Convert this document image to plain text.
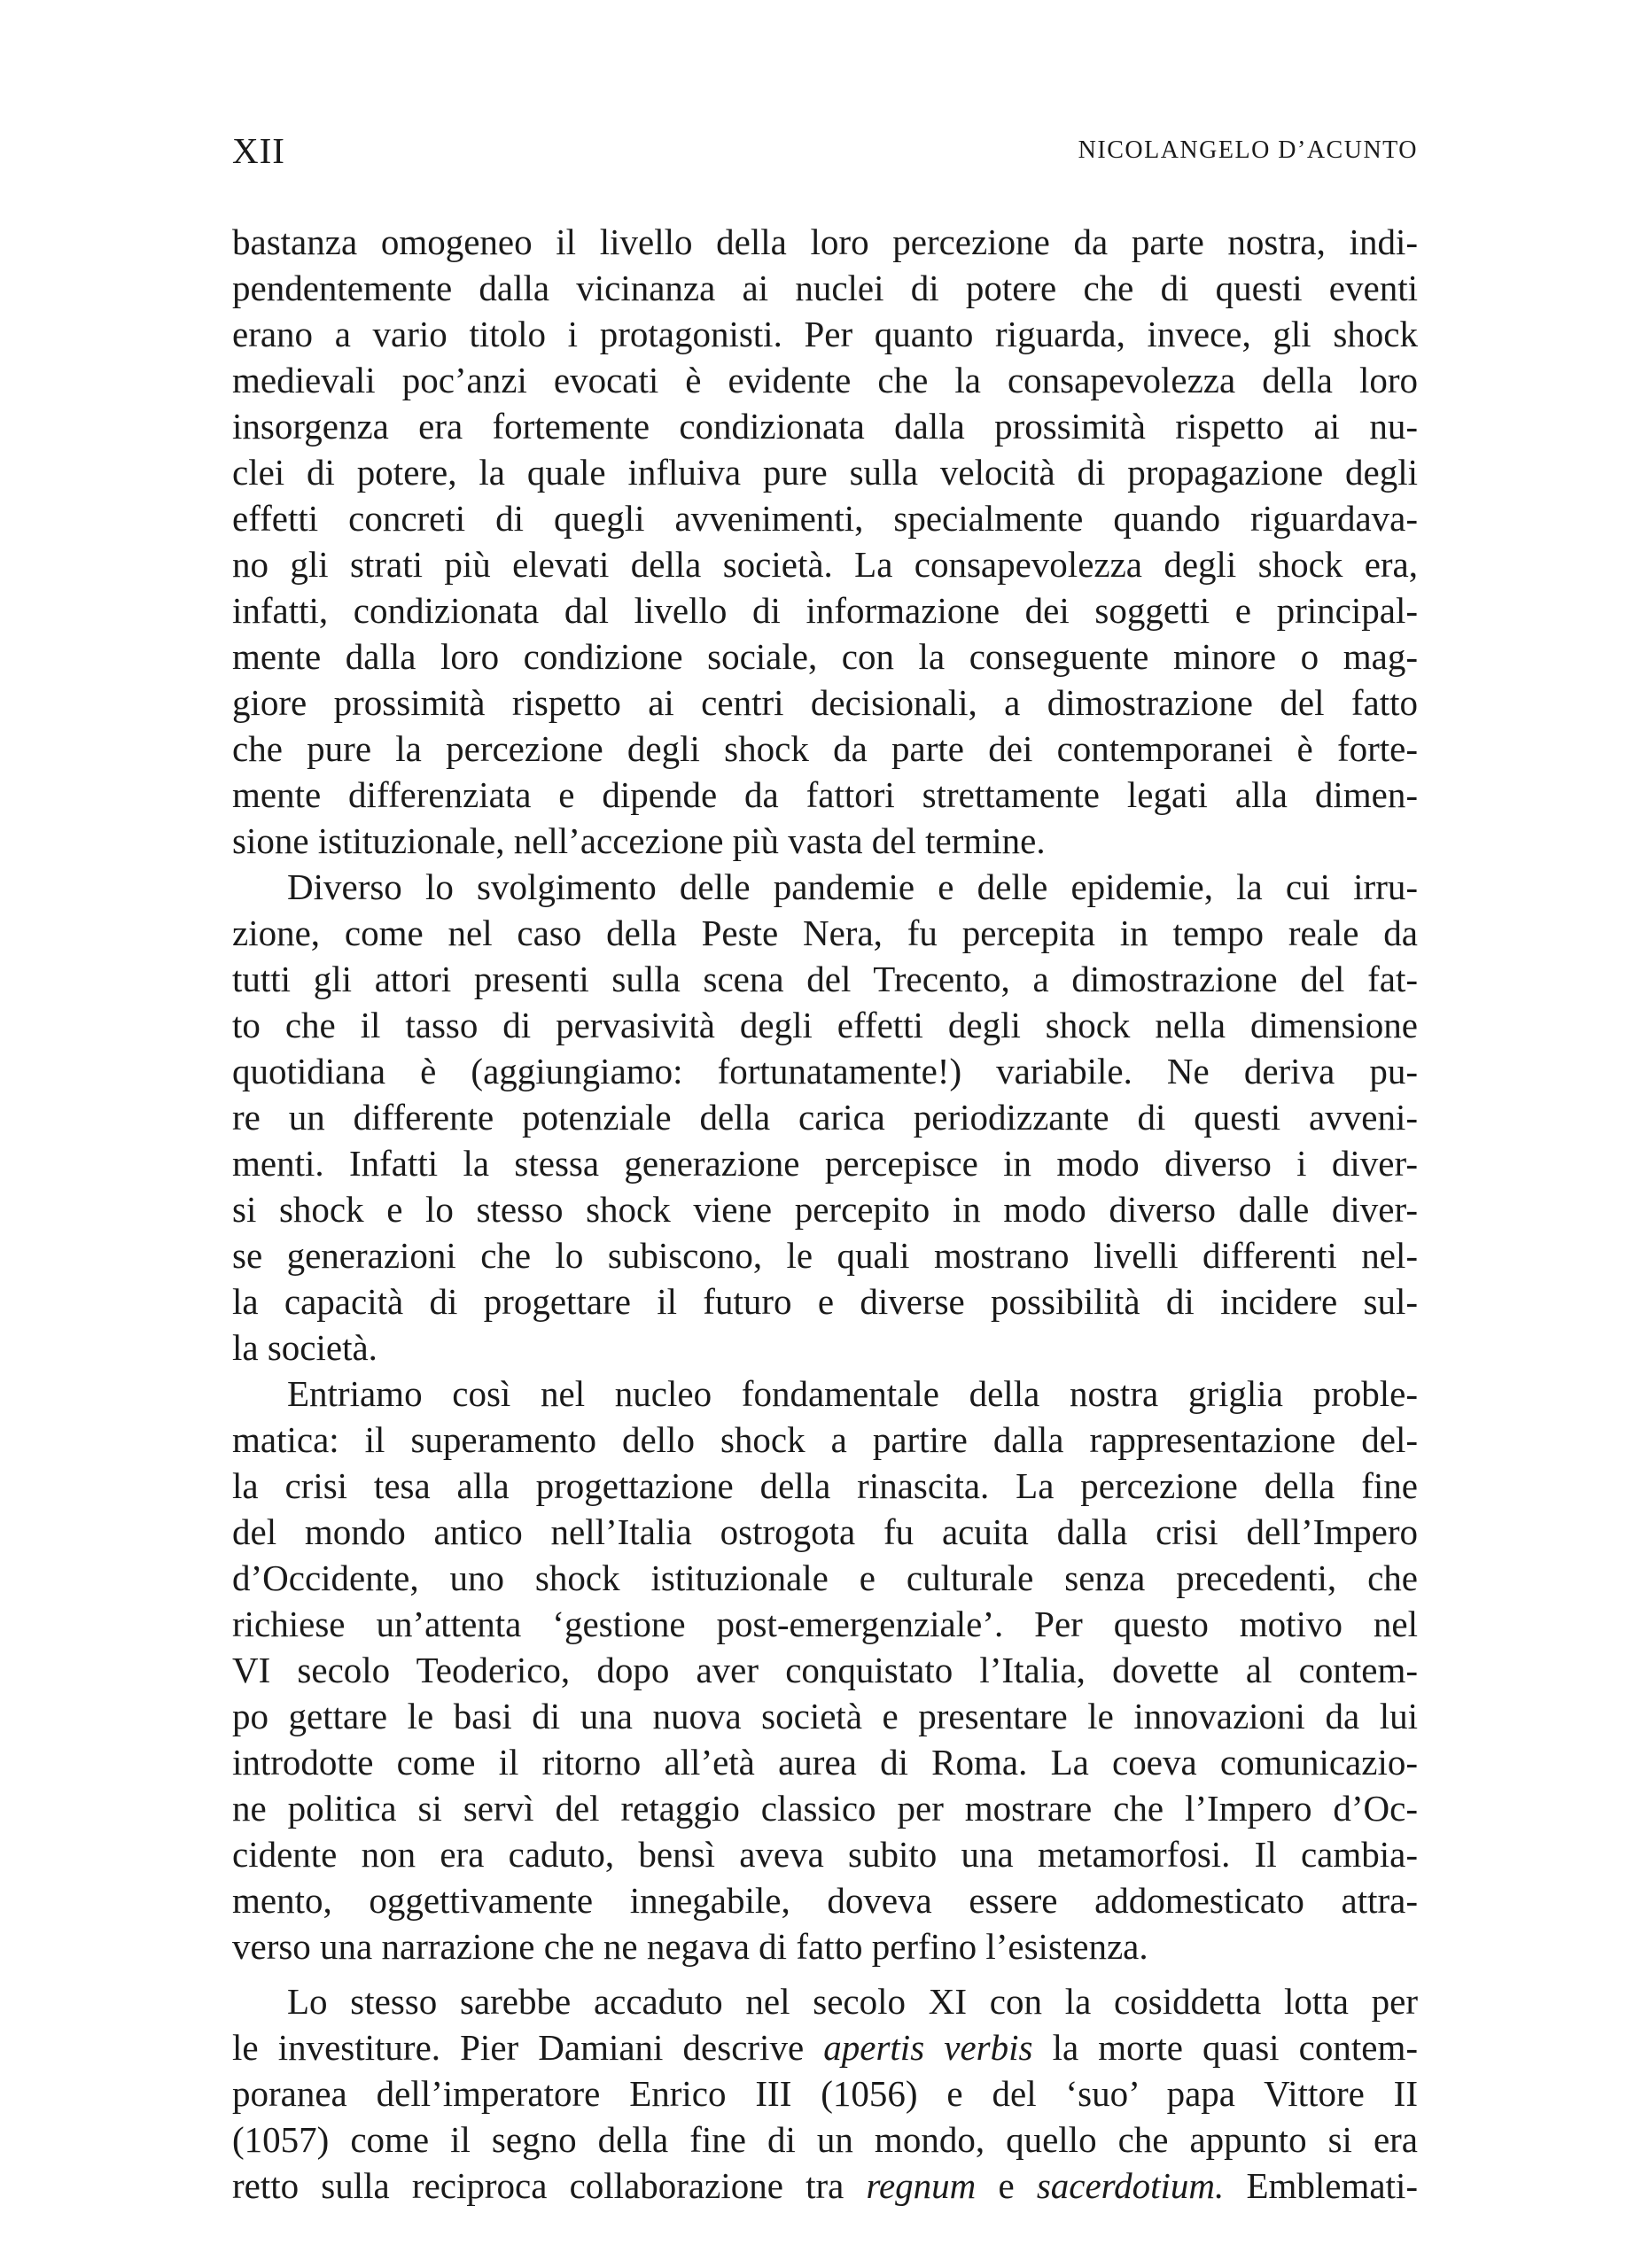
XII	NICOLANGELO D’ACUNTO
bastanza omogeneo il livello della loro percezione da parte nostra, indi-
pendentemente dalla vicinanza ai nuclei di potere che di questi eventi
erano a vario titolo i protagonisti. Per quanto riguarda, invece, gli shock
medievali poc’anzi evocati è evidente che la consapevolezza della loro
insorgenza era fortemente condizionata dalla prossimità rispetto ai nu-
clei di potere, la quale influiva pure sulla velocità di propagazione degli
effetti concreti di quegli avvenimenti, specialmente quando riguardava-
no gli strati più elevati della società. La consapevolezza degli shock era,
infatti, condizionata dal livello di informazione dei soggetti e principal-
mente dalla loro condizione sociale, con la conseguente minore o mag-
giore prossimità rispetto ai centri decisionali, a dimostrazione del fatto
che pure la percezione degli shock da parte dei contemporanei è forte-
mente differenziata e dipende da fattori strettamente legati alla dimen-
sione istituzionale, nell’accezione più vasta del termine.
Diverso lo svolgimento delle pandemie e delle epidemie, la cui irru-
zione, come nel caso della Peste Nera, fu percepita in tempo reale da
tutti gli attori presenti sulla scena del Trecento, a dimostrazione del fat-
to che il tasso di pervasività degli effetti degli shock nella dimensione
quotidiana è (aggiungiamo: fortunatamente!) variabile. Ne deriva pu-
re un differente potenziale della carica periodizzante di questi avveni-
menti. Infatti la stessa generazione percepisce in modo diverso i diver-
si shock e lo stesso shock viene percepito in modo diverso dalle diver-
se generazioni che lo subiscono, le quali mostrano livelli differenti nel-
la capacità di progettare il futuro e diverse possibilità di incidere sul-
la società.
Entriamo così nel nucleo fondamentale della nostra griglia proble-
matica: il superamento dello shock a partire dalla rappresentazione del-
la crisi tesa alla progettazione della rinascita. La percezione della fine
del mondo antico nell’Italia ostrogota fu acuita dalla crisi dell’Impero
d’Occidente, uno shock istituzionale e culturale senza precedenti, che
richiese un’attenta ‘gestione post-emergenziale’. Per questo motivo nel
VI secolo Teoderico, dopo aver conquistato l’Italia, dovette al contem-
po gettare le basi di una nuova società e presentare le innovazioni da lui
introdotte come il ritorno all’età aurea di Roma. La coeva comunicazio-
ne politica si servì del retaggio classico per mostrare che l’Impero d’Oc-
cidente non era caduto, bensì aveva subito una metamorfosi. Il cambia-
mento, oggettivamente innegabile, doveva essere addomesticato attra-
verso una narrazione che ne negava di fatto perfino l’esistenza.
Lo stesso sarebbe accaduto nel secolo XI con la cosiddetta lotta per
le investiture. Pier Damiani descrive apertis verbis la morte quasi contem-
poranea dell’imperatore Enrico III (1056) e del ‘suo’ papa Vittore II
(1057) come il segno della fine di un mondo, quello che appunto si era
retto sulla reciproca collaborazione tra regnum e sacerdotium. Emblemati-
